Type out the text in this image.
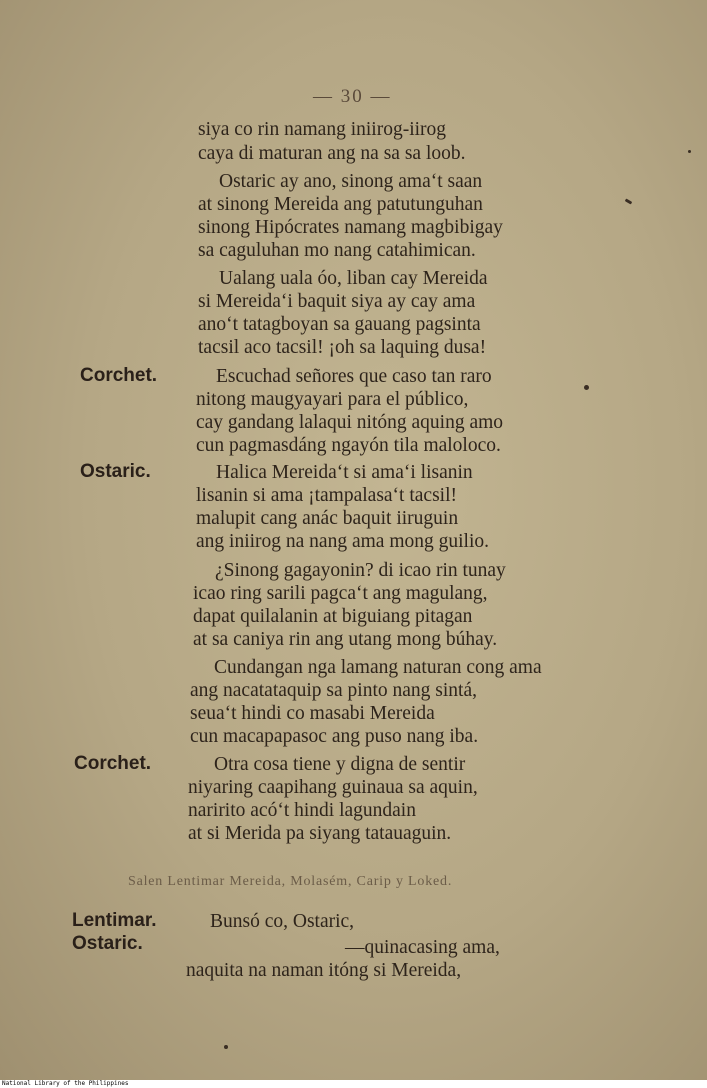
— 30 —
siya co rin namang iniirog-iirog
caya di maturan ang na sa sa loob.
Ostaric ay ano, sinong ama‘t saan
at sinong Mereida ang patutunguhan
sinong Hipócrates namang magbibigay
sa caguluhan mo nang catahimican.
Ualang uala óo, liban cay Mereida
si Mereida‘i baquit siya ay cay ama
ano‘t tatagboyan sa gauang pagsinta
tacsil aco tacsil! ¡oh sa laquing dusa!
Corchet.	Escuchad señores que caso tan raro
nitong maugyayari para el público,
cay gandang lalaqui nitóng aquing amo
cun pagmasdáng ngayón tila maloloco.
Ostaric.	Halica Mereida‘t si ama‘i lisanin
lisanin si ama ¡tampalasa‘t tacsil!
malupit cang anác baquit iiruguin
ang iniirog na nang ama mong guilio.
¿Sinong gagayonin? di icao rin tunay
icao ring sarili pagca‘t ang magulang,
dapat quilalanin at biguiang pitagan
at sa caniya rin ang utang mong búhay.
Cundangan nga lamang naturan cong ama
ang nacatataquip sa pinto nang sintá,
seua‘t hindi co masabi Mereida
cun macapapasoc ang puso nang iba.
Corchet.	Otra cosa tiene y digna de sentir
niyaring caapihang guinaua sa aquin,
naririto acó‘t hindi lagundain
at si Merida pa siyang tatauaguin.
Salen Lentimar Mereida, Molasém, Carip y Loked.
Lentimar.	Bunsó co, Ostaric,
Ostaric.	—quinacasing ama,
naquita na naman itóng si Mereida,
National Library of the Philippines
